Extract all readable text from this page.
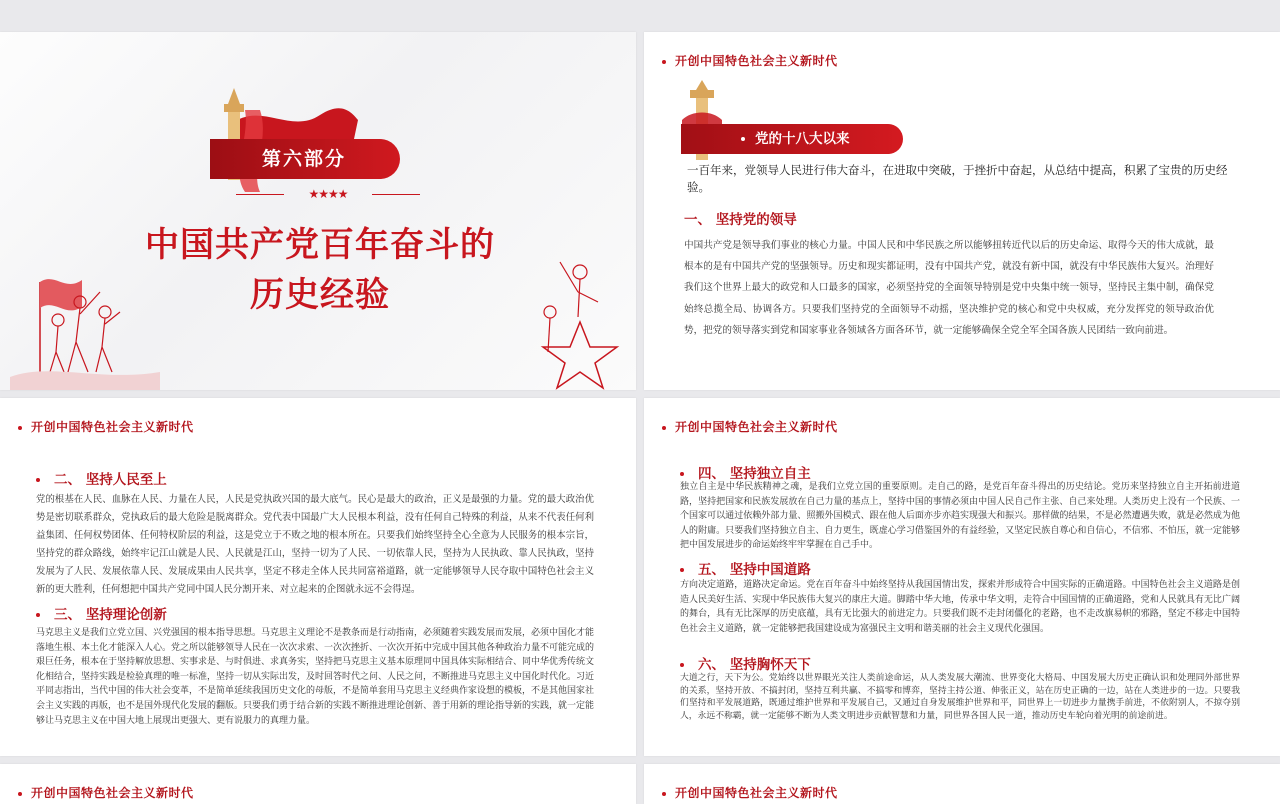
第六部分
★★★★
中国共产党百年奋斗的
历史经验
开创中国特色社会主义新时代
党的十八大以来
一百年来，党领导人民进行伟大奋斗，在进取中突破，于挫折中奋起，从总结中提高，积累了宝贵的历史经验。
一、 坚持党的领导
中国共产党是领导我们事业的核心力量。中国人民和中华民族之所以能够扭转近代以后的历史命运、取得今天的伟大成就，最根本的是有中国共产党的坚强领导。历史和现实都证明，没有中国共产党，就没有新中国，就没有中华民族伟大复兴。治理好我们这个世界上最大的政党和人口最多的国家，必须坚持党的全面领导特别是党中央集中统一领导，坚持民主集中制，确保党始终总揽全局、协调各方。只要我们坚持党的全面领导不动摇，坚决维护党的核心和党中央权威，充分发挥党的领导政治优势，把党的领导落实到党和国家事业各领域各方面各环节，就一定能够确保全党全军全国各族人民团结一致向前进。
开创中国特色社会主义新时代
二、 坚持人民至上
党的根基在人民、血脉在人民、力量在人民，人民是党执政兴国的最大底气。民心是最大的政治，正义是最强的力量。党的最大政治优势是密切联系群众，党执政后的最大危险是脱离群众。党代表中国最广大人民根本利益，没有任何自己特殊的利益，从来不代表任何利益集团、任何权势团体、任何特权阶层的利益，这是党立于不败之地的根本所在。只要我们始终坚持全心全意为人民服务的根本宗旨，坚持党的群众路线，始终牢记江山就是人民、人民就是江山，坚持一切为了人民、一切依靠人民，坚持为人民执政、靠人民执政，坚持发展为了人民、发展依靠人民、发展成果由人民共享，坚定不移走全体人民共同富裕道路，就一定能够领导人民夺取中国特色社会主义新的更大胜利，任何想把中国共产党同中国人民分割开来、对立起来的企图就永远不会得逞。
三、 坚持理论创新
马克思主义是我们立党立国、兴党强国的根本指导思想。马克思主义理论不是教条而是行动指南，必须随着实践发展而发展，必须中国化才能落地生根、本土化才能深入人心。党之所以能够领导人民在一次次求索、一次次挫折、一次次开拓中完成中国其他各种政治力量不可能完成的艰巨任务，根本在于坚持解放思想、实事求是、与时俱进、求真务实，坚持把马克思主义基本原理同中国具体实际相结合、同中华优秀传统文化相结合，坚持实践是检验真理的唯一标准，坚持一切从实际出发，及时回答时代之问、人民之问，不断推进马克思主义中国化时代化。习近平同志指出，当代中国的伟大社会变革，不是简单延续我国历史文化的母版，不是简单套用马克思主义经典作家设想的模板，不是其他国家社会主义实践的再版，也不是国外现代化发展的翻版。只要我们勇于结合新的实践不断推进理论创新、善于用新的理论指导新的实践，就一定能够让马克思主义在中国大地上展现出更强大、更有说服力的真理力量。
开创中国特色社会主义新时代
四、 坚持独立自主
独立自主是中华民族精神之魂，是我们立党立国的重要原则。走自己的路，是党百年奋斗得出的历史结论。党历来坚持独立自主开拓前进道路，坚持把国家和民族发展放在自己力量的基点上，坚持中国的事情必须由中国人民自己作主张、自己来处理。人类历史上没有一个民族、一个国家可以通过依赖外部力量、照搬外国模式、跟在他人后面亦步亦趋实现强大和振兴。那样做的结果，不是必然遭遇失败，就是必然成为他人的附庸。只要我们坚持独立自主、自力更生，既虚心学习借鉴国外的有益经验，又坚定民族自尊心和自信心，不信邪、不怕压，就一定能够把中国发展进步的命运始终牢牢掌握在自己手中。
五、 坚持中国道路
方向决定道路，道路决定命运。党在百年奋斗中始终坚持从我国国情出发，探索并形成符合中国实际的正确道路。中国特色社会主义道路是创造人民美好生活、实现中华民族伟大复兴的康庄大道。脚踏中华大地，传承中华文明，走符合中国国情的正确道路，党和人民就具有无比广阔的舞台，具有无比深厚的历史底蕴，具有无比强大的前进定力。只要我们既不走封闭僵化的老路，也不走改旗易帜的邪路，坚定不移走中国特色社会主义道路，就一定能够把我国建设成为富强民主文明和谐美丽的社会主义现代化强国。
六、 坚持胸怀天下
大道之行，天下为公。党始终以世界眼光关注人类前途命运，从人类发展大潮流、世界变化大格局、中国发展大历史正确认识和处理同外部世界的关系，坚持开放、不搞封闭，坚持互利共赢、不搞零和博弈，坚持主持公道、伸张正义，站在历史正确的一边，站在人类进步的一边。只要我们坚持和平发展道路，既通过维护世界和平发展自己，又通过自身发展维护世界和平，同世界上一切进步力量携手前进，不依附别人，不掠夺别人，永远不称霸，就一定能够不断为人类文明进步贡献智慧和力量，同世界各国人民一道，推动历史车轮向着光明的前途前进。
开创中国特色社会主义新时代	开创中国特色社会主义新时代
